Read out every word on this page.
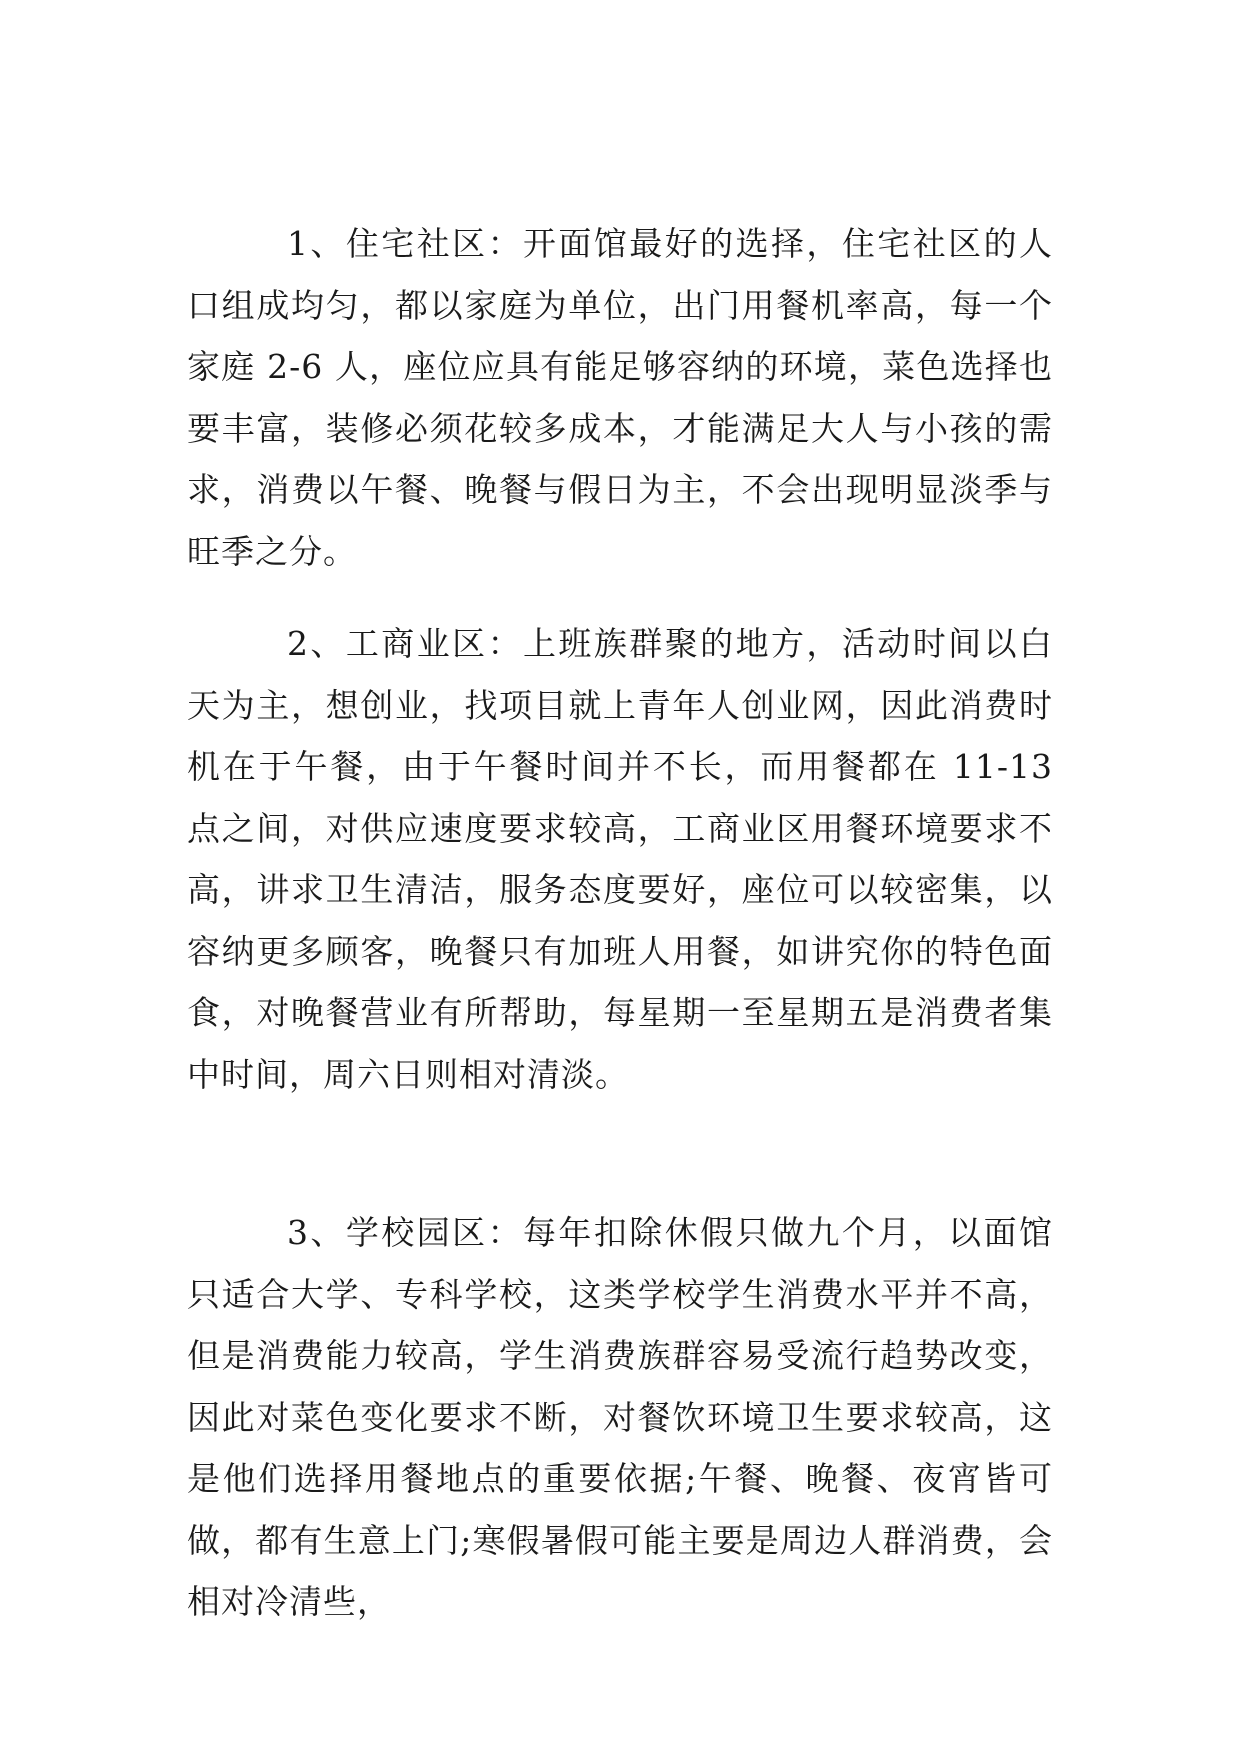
1、住宅社区：开面馆最好的选择，住宅社区的人口组成均匀，都以家庭为单位，出门用餐机率高，每一个家庭 2-6 人，座位应具有能足够容纳的环境，菜色选择也要丰富，装修必须花较多成本，才能满足大人与小孩的需求，消费以午餐、晚餐与假日为主，不会出现明显淡季与旺季之分。

2、工商业区：上班族群聚的地方，活动时间以白天为主，想创业，找项目就上青年人创业网，因此消费时机在于午餐，由于午餐时间并不长，而用餐都在 11-13 点之间，对供应速度要求较高，工商业区用餐环境要求不高，讲求卫生清洁，服务态度要好，座位可以较密集，以容纳更多顾客，晚餐只有加班人用餐，如讲究你的特色面食，对晚餐营业有所帮助，每星期一至星期五是消费者集中时间，周六日则相对清淡。

3、学校园区：每年扣除休假只做九个月，以面馆只适合大学、专科学校，这类学校学生消费水平并不高，但是消费能力较高，学生消费族群容易受流行趋势改变，因此对菜色变化要求不断，对餐饮环境卫生要求较高，这是他们选择用餐地点的重要依据;午餐、晚餐、夜宵皆可做，都有生意上门;寒假暑假可能主要是周边人群消费，会相对冷清些，
